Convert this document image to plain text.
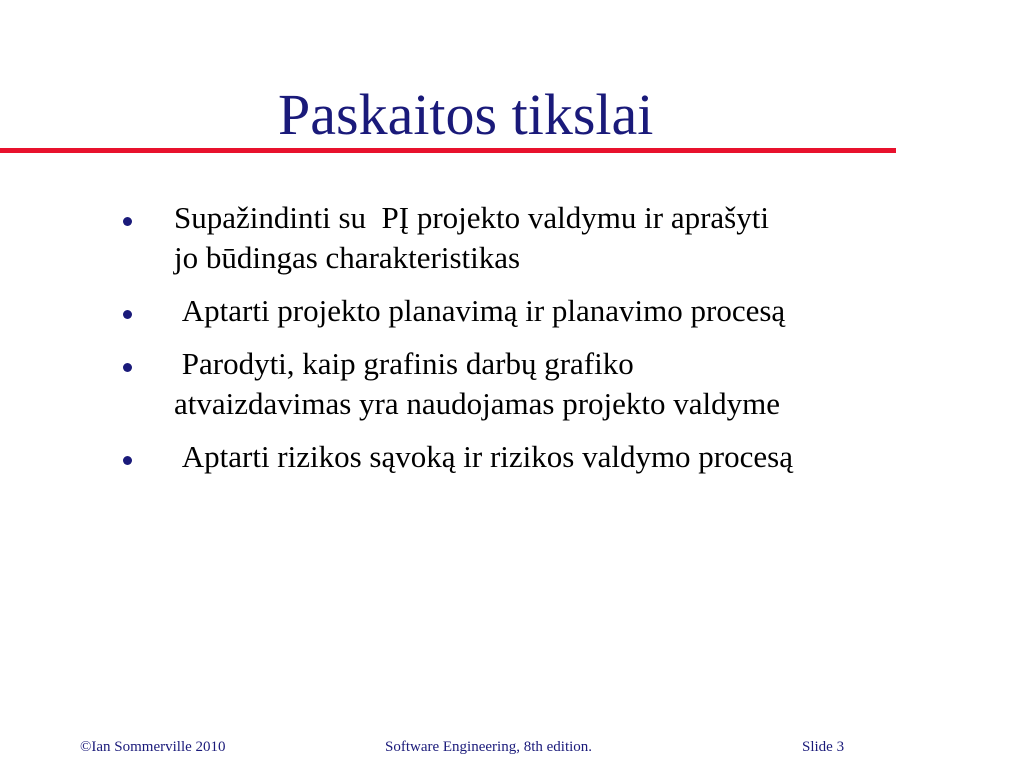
Paskaitos tikslai
Supažindinti su  PĮ projekto valdymu ir aprašyti
jo būdingas charakteristikas
Aptarti projekto planavimą ir planavimo procesą
Parodyti, kaip grafinis darbų grafiko
atvaizdavimas yra naudojamas projekto valdyme
Aptarti rizikos sąvoką ir rizikos valdymo procesą
©Ian Sommerville 2010	Software Engineering, 8th edition.	Slide 3
